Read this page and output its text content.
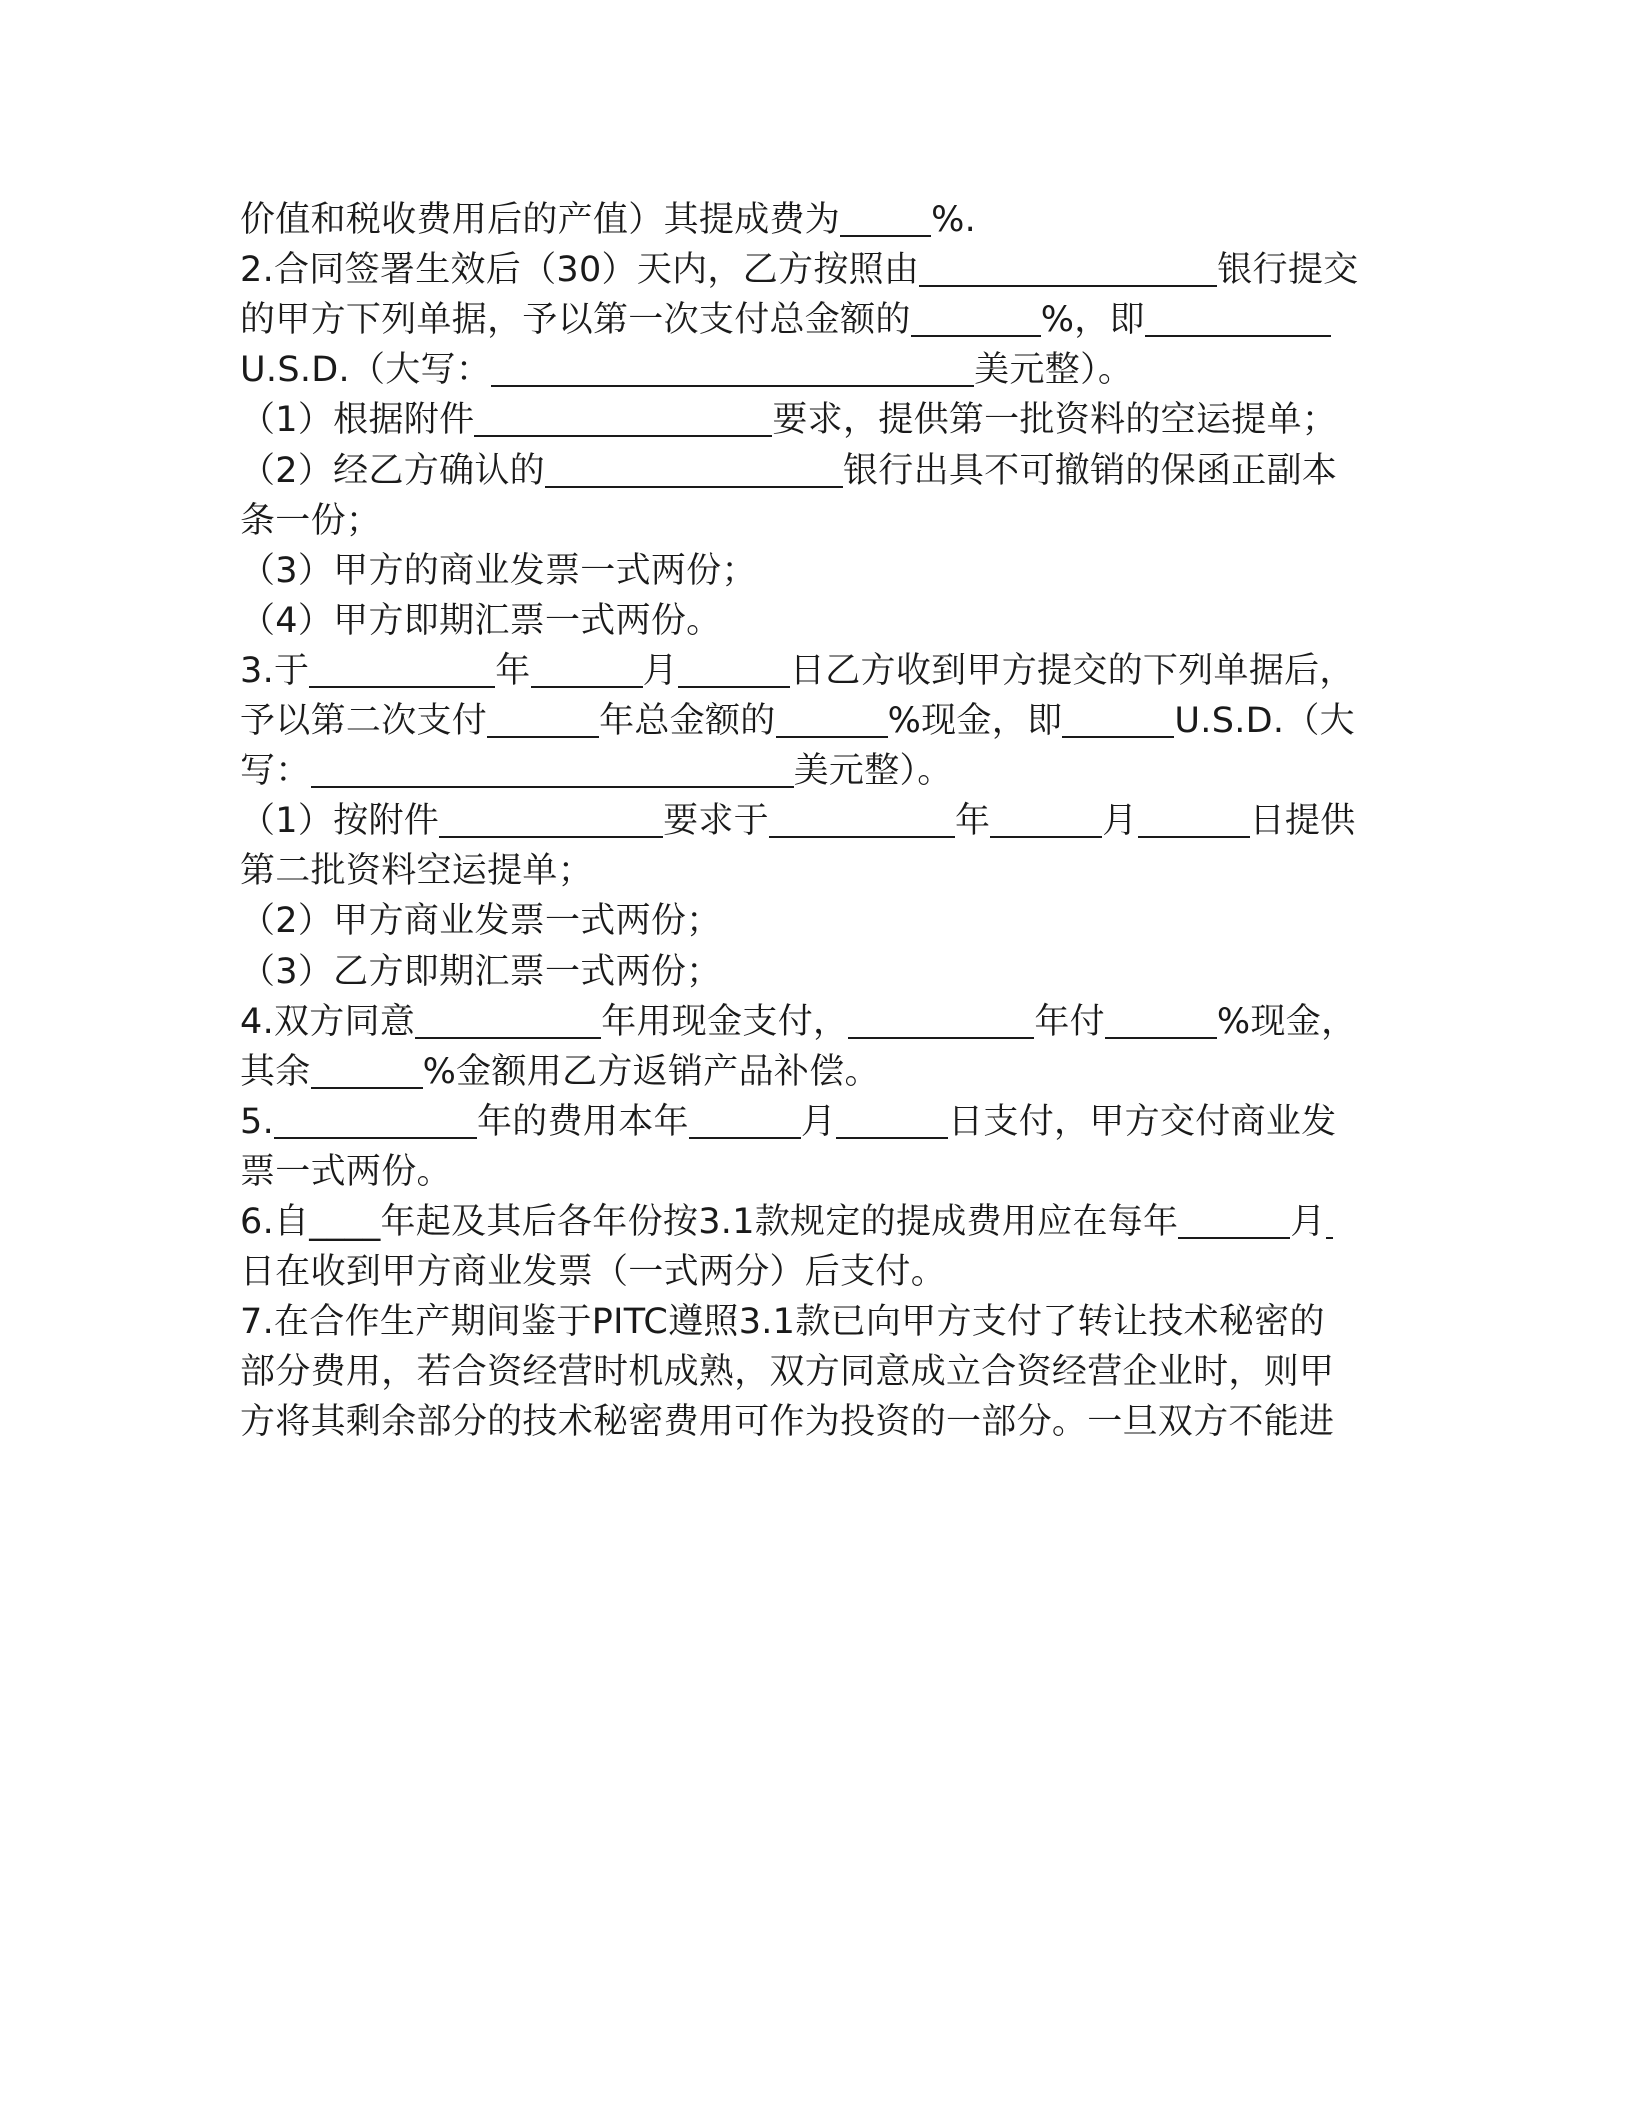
价值和税收费用后的产值）其提成费为	%.
2.合同签署生效后（30）天内，乙方按照由	银行提交
的甲方下列单据，予以第一次支付总金额的	%，即
U.S.D.（大写：	美元整）。
（1）根据附件	要求，提供第一批资料的空运提单；
（2）经乙方确认的	银行出具不可撤销的保函正副本
条一份；
（3）甲方的商业发票一式两份；
（4）甲方即期汇票一式两份。
3.于	年	月	日乙方收到甲方提交的下列单据后，
予以第二次支付	年总金额的	%现金，即	U.S.D.（大
写：	美元整）。
（1）按附件	要求于	年	月	日提供
第二批资料空运提单；
（2）甲方商业发票一式两份；
（3）乙方即期汇票一式两份；
4.双方同意	年用现金支付，	年付	%现金，
其余	%金额用乙方返销产品补偿。
5.	年的费用本年	月	日支付，甲方交付商业发
票一式两份。
6.自____年起及其后各年份按3.1款规定的提成费用应在每年	月
日在收到甲方商业发票（一式两分）后支付。
7.在合作生产期间鉴于PITC遵照3.1款已向甲方支付了转让技术秘密的
部分费用，若合资经营时机成熟，双方同意成立合资经营企业时，则甲
方将其剩余部分的技术秘密费用可作为投资的一部分。一旦双方不能进
